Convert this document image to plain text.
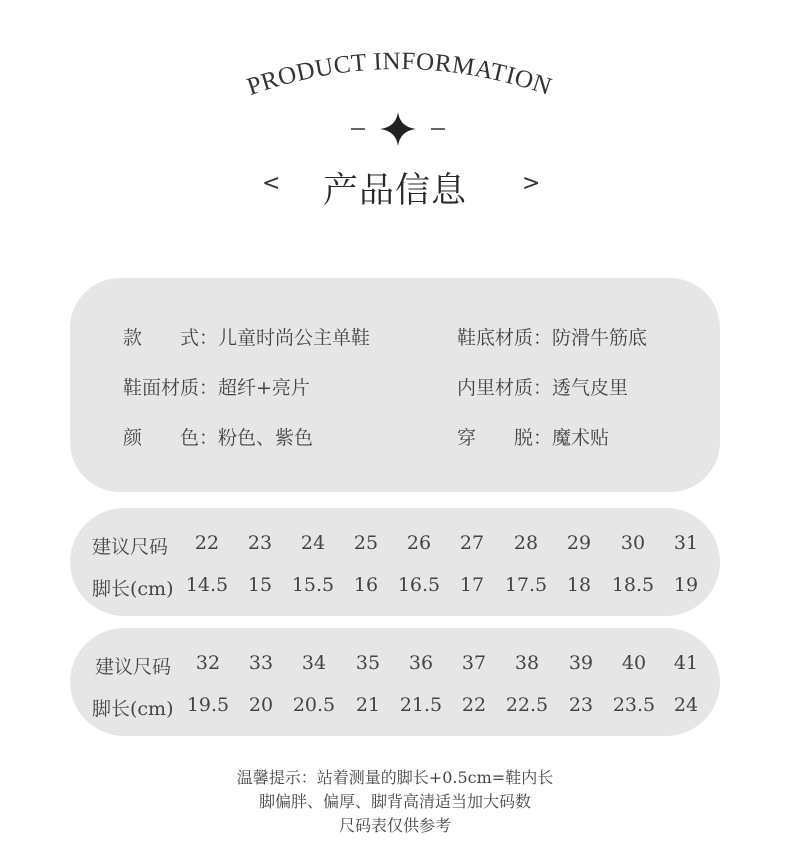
PRODUCT INFORMATION
<	产品信息	>
款　　式：儿童时尚公主单鞋	鞋底材质：防滑牛筋底
鞋面材质：超纤+亮片	内里材质：透气皮里
颜　　色：粉色、紫色	穿　　脱：魔术贴
建议尺码	22	23	24	25	26	27	28	29	30	31
脚长(cm) 14.5	15	15.5	16	16.5	17	17.5	18	18.5	19
建议尺码	32	33	34	35	36	37	38	39	40	41
脚长(cm) 19.5	20	20.5	21	21.5	22	22.5	23	23.5 24
温馨提示：站着测量的脚长+0.5cm=鞋内长
脚偏胖、偏厚、脚背高清适当加大码数
尺码表仅供参考
